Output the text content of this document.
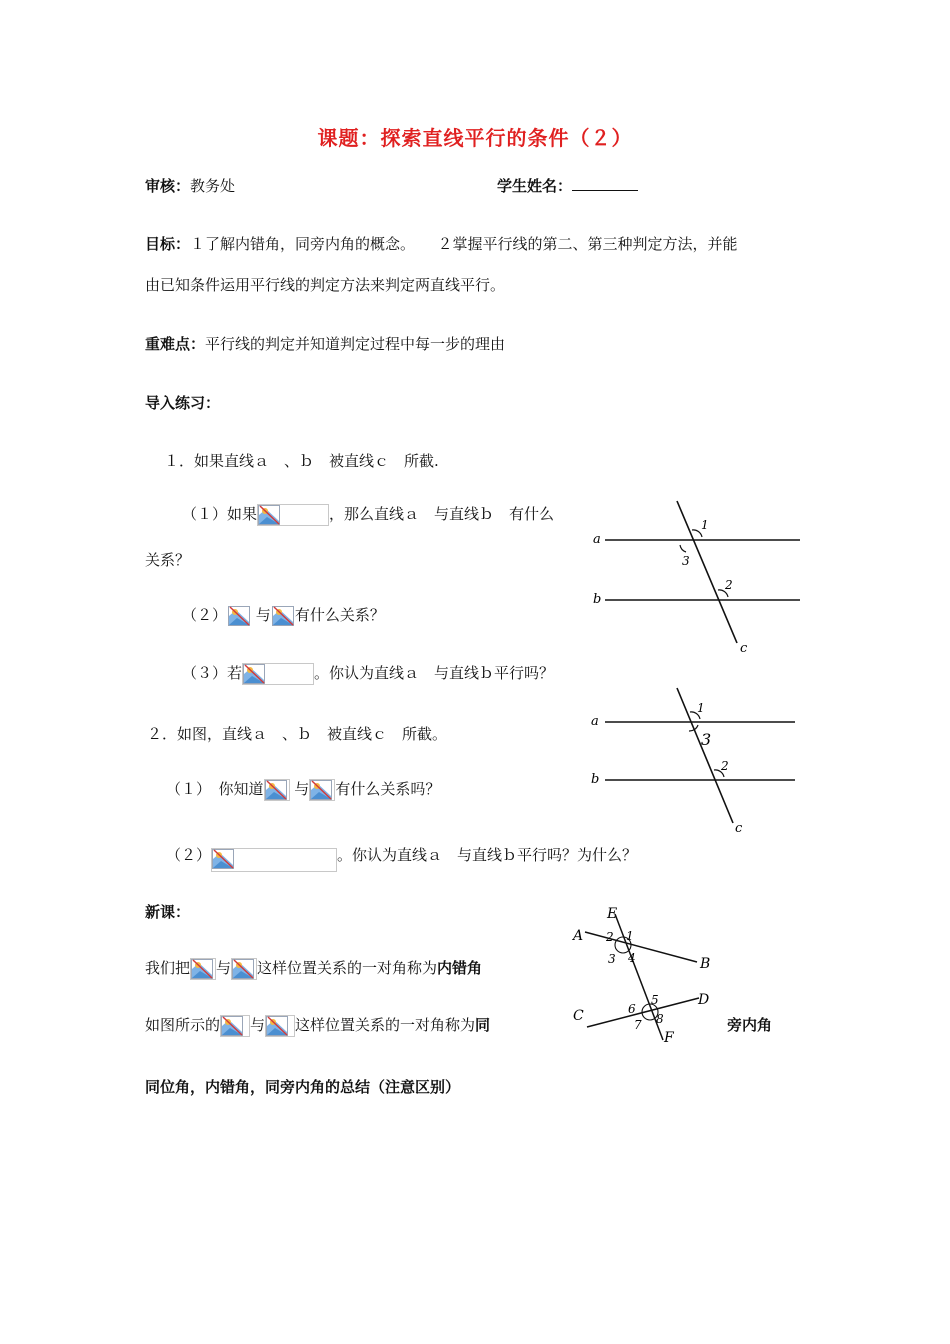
课题：探索直线平行的条件（２）
审核：教务处	学生姓名：
目标：１了解内错角，同旁内角的概念。　　２掌握平行线的第二、第三种判定方法，并能
由已知条件运用平行线的判定方法来判定两直线平行。
重难点：平行线的判定并知道判定过程中每一步的理由
导入练习：
１．如果直线ａ　、ｂ　被直线ｃ　所截.
（１）如果	，那么直线ａ　与直线ｂ　有什么
关系？
（２） 与 有什么关系？
（３）若	。你认为直线ａ　与直线ｂ平行吗？
２．如图，直线ａ　、ｂ　被直线ｃ　所截。
（１）　你知道 与 有什么关系吗？
（２）	。你认为直线ａ　与直线ｂ平行吗？为什么？
新课：
我们把 与 这样位置关系的一对角称为内错角
如图所示的 与 这样位置关系的一对角称为同	旁内角
同位角，内错角，同旁内角的总结（注意区别）
a
b
c
1
3
2
a
b
c
1
3
2
A
B
C
D
E
F
1
2
3 4
5
6
7 8
